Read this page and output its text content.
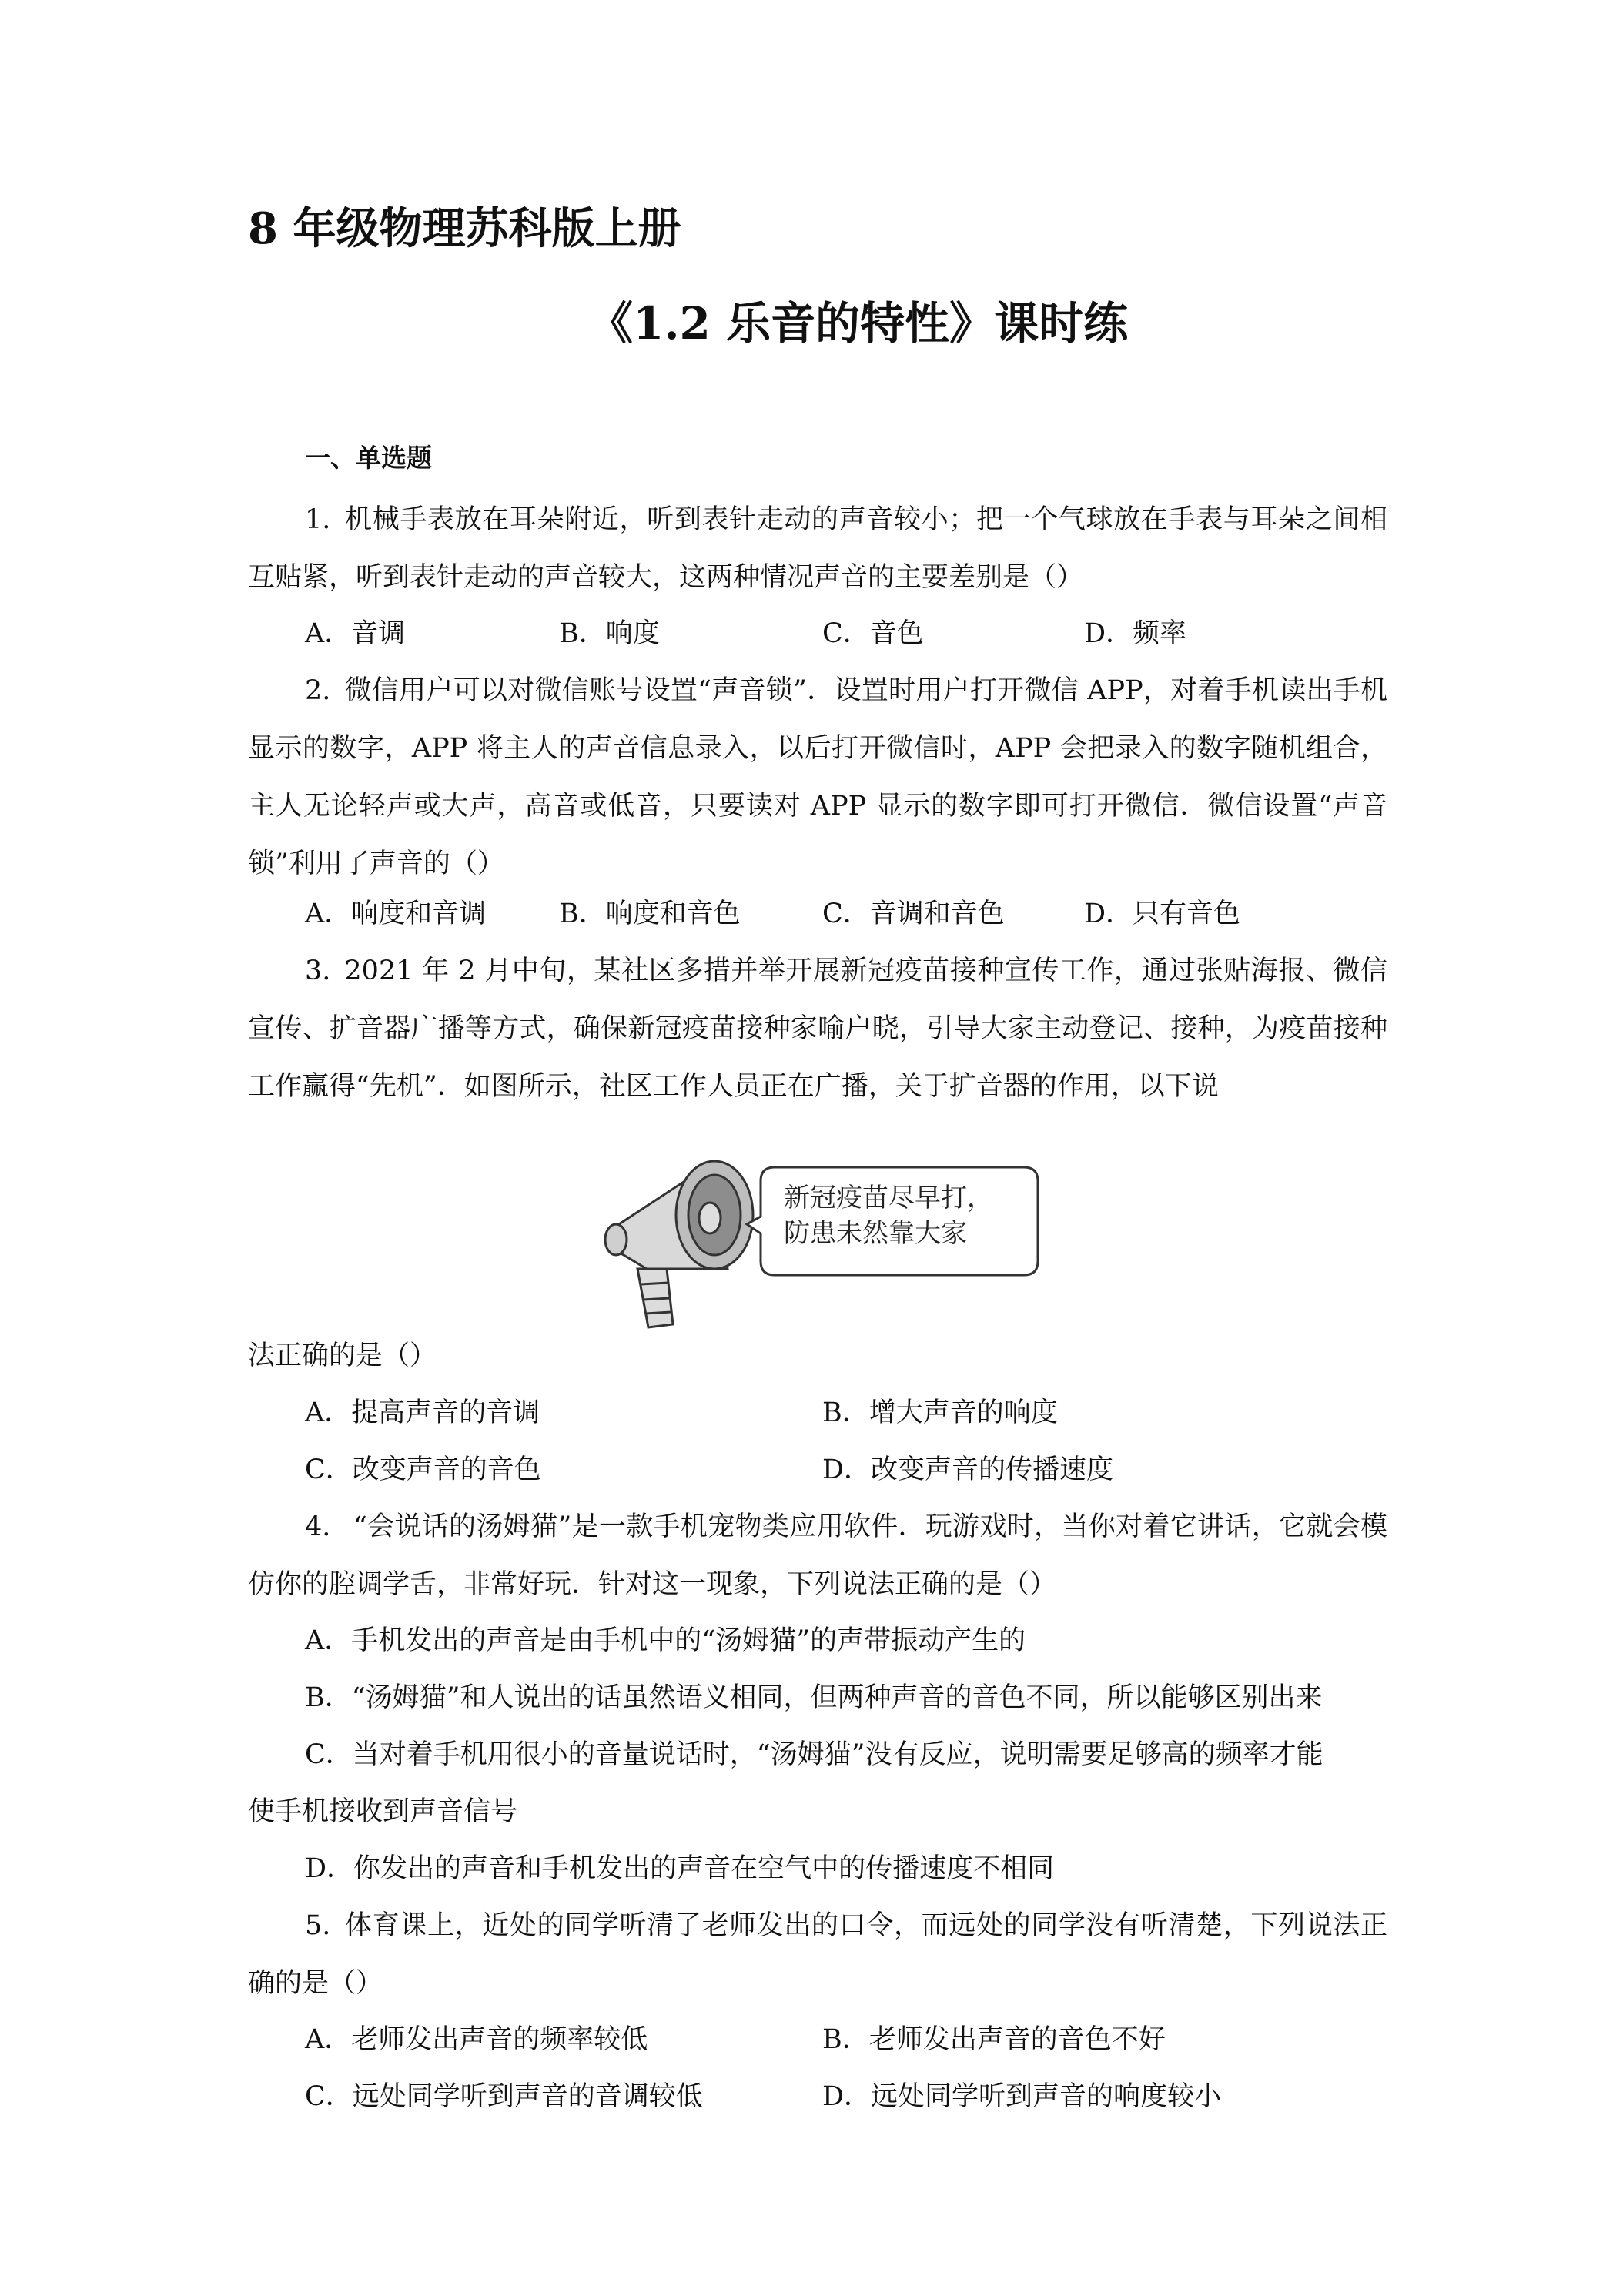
8 年级物理苏科版上册
《1.2 乐音的特性》课时练
一、单选题
1. 机械手表放在耳朵附近，听到表针走动的声音较小；把一个气球放在手表与耳朵之间相互贴紧，听到表针走动的声音较大，这两种情况声音的主要差别是（）
A．音调	B．响度	C．音色	D．频率
2. 微信用户可以对微信账号设置“声音锁”．设置时用户打开微信 APP，对着手机读出手机显示的数字，APP 将主人的声音信息录入，以后打开微信时，APP 会把录入的数字随机组合，主人无论轻声或大声，高音或低音，只要读对 APP 显示的数字即可打开微信．微信设置“声音锁”利用了声音的（）
A．响度和音调	B．响度和音色	C．音调和音色	D．只有音色
3. 2021 年 2 月中旬，某社区多措并举开展新冠疫苗接种宣传工作，通过张贴海报、微信宣传、扩音器广播等方式，确保新冠疫苗接种家喻户晓，引导大家主动登记、接种，为疫苗接种工作赢得“先机”．如图所示，社区工作人员正在广播，关于扩音器的作用，以下说
新冠疫苗尽早打，
防患未然靠大家
法正确的是（）
A．提高声音的音调	B．增大声音的响度
C．改变声音的音色	D．改变声音的传播速度
4. “会说话的汤姆猫”是一款手机宠物类应用软件．玩游戏时，当你对着它讲话，它就会模仿你的腔调学舌，非常好玩．针对这一现象，下列说法正确的是（）
A．手机发出的声音是由手机中的“汤姆猫”的声带振动产生的
B．“汤姆猫”和人说出的话虽然语义相同，但两种声音的音色不同，所以能够区别出来
C．当对着手机用很小的音量说话时，“汤姆猫”没有反应，说明需要足够高的频率才能
使手机接收到声音信号
D．你发出的声音和手机发出的声音在空气中的传播速度不相同
5. 体育课上，近处的同学听清了老师发出的口令，而远处的同学没有听清楚，下列说法正确的是（）
A．老师发出声音的频率较低	B．老师发出声音的音色不好
C．远处同学听到声音的音调较低	D．远处同学听到声音的响度较小
